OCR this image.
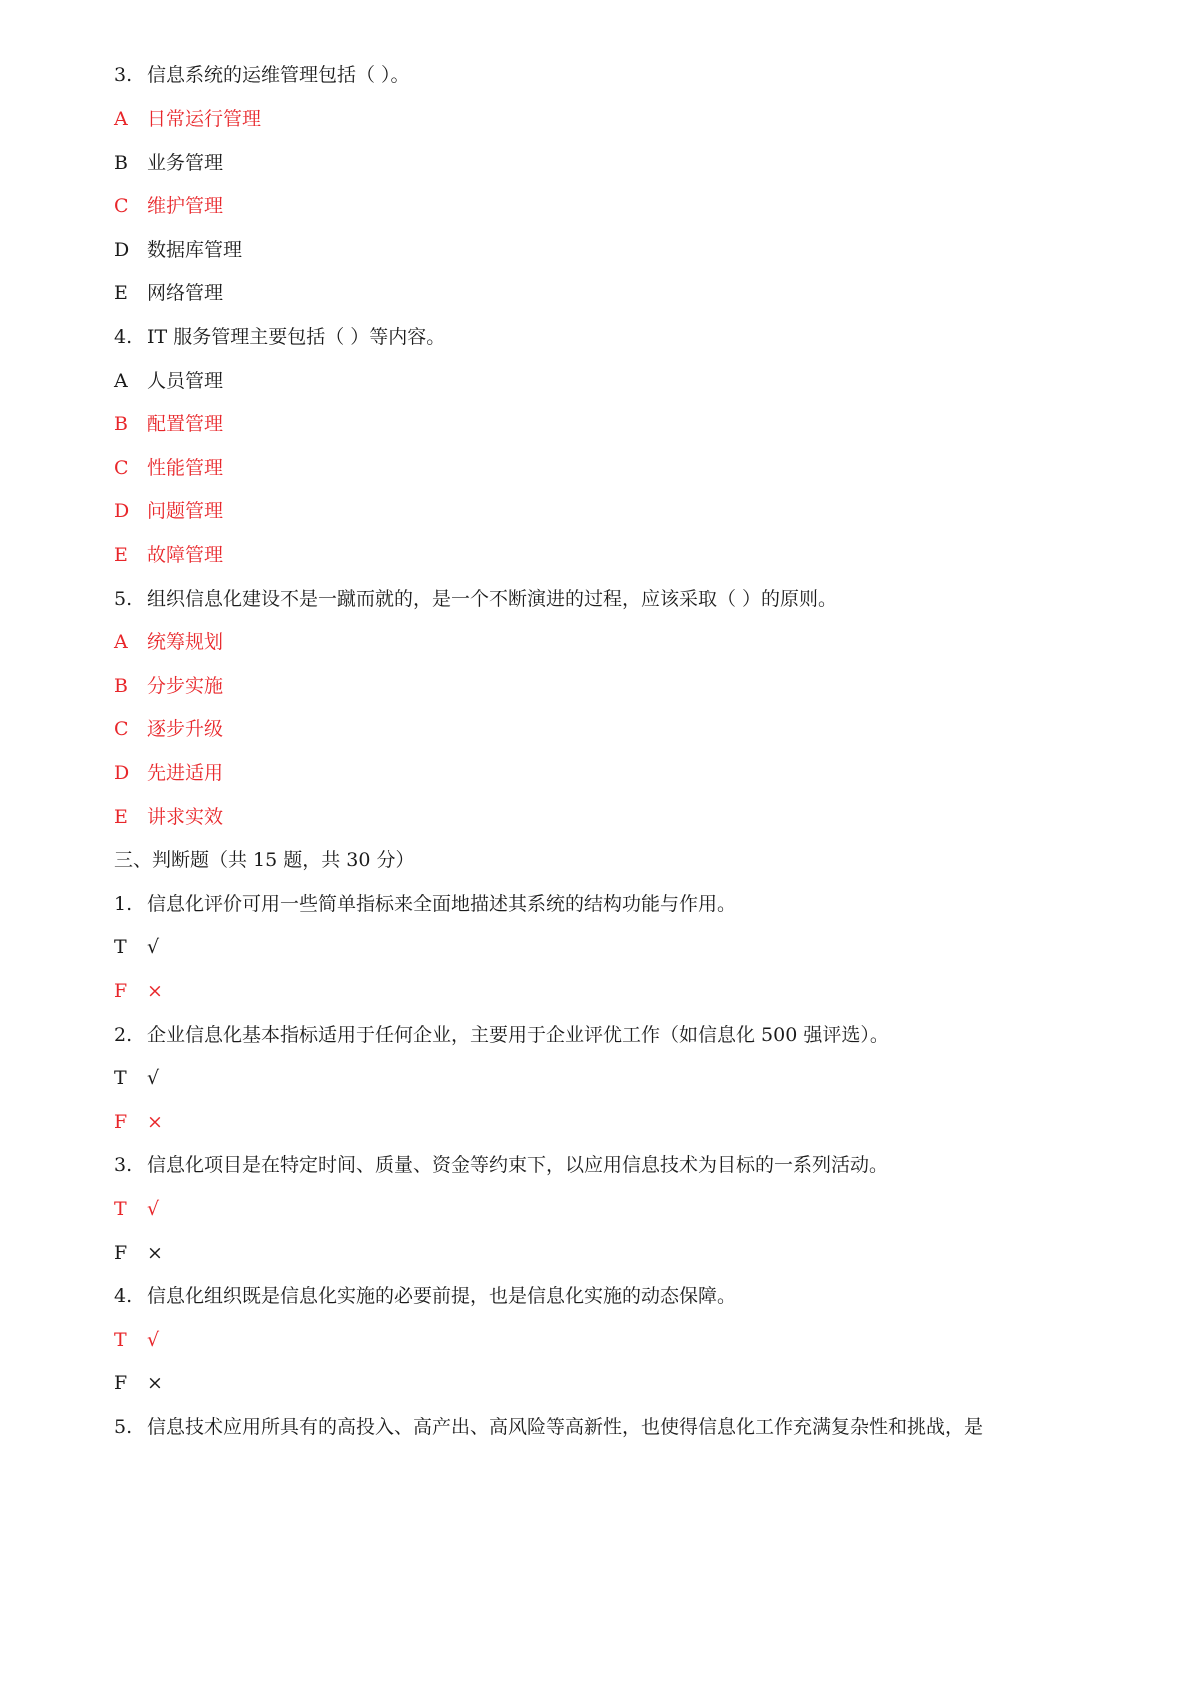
3. 信息系统的运维管理包括（ ）。
A 日常运行管理
B 业务管理
C 维护管理
D 数据库管理
E 网络管理
4. IT 服务管理主要包括（ ）等内容。
A 人员管理
B 配置管理
C 性能管理
D 问题管理
E 故障管理
5. 组织信息化建设不是一蹴而就的，是一个不断演进的过程，应该采取（ ）的原则。
A 统筹规划
B 分步实施
C 逐步升级
D 先进适用
E 讲求实效
三、判断题（共 15 题，共 30 分）
1. 信息化评价可用一些简单指标来全面地描述其系统的结构功能与作用。
T √
F ×
2. 企业信息化基本指标适用于任何企业，主要用于企业评优工作（如信息化 500 强评选）。
T √
F ×
3. 信息化项目是在特定时间、质量、资金等约束下，以应用信息技术为目标的一系列活动。
T √
F ×
4. 信息化组织既是信息化实施的必要前提，也是信息化实施的动态保障。
T √
F ×
5. 信息技术应用所具有的高投入、高产出、高风险等高新性，也使得信息化工作充满复杂性和挑战，是
